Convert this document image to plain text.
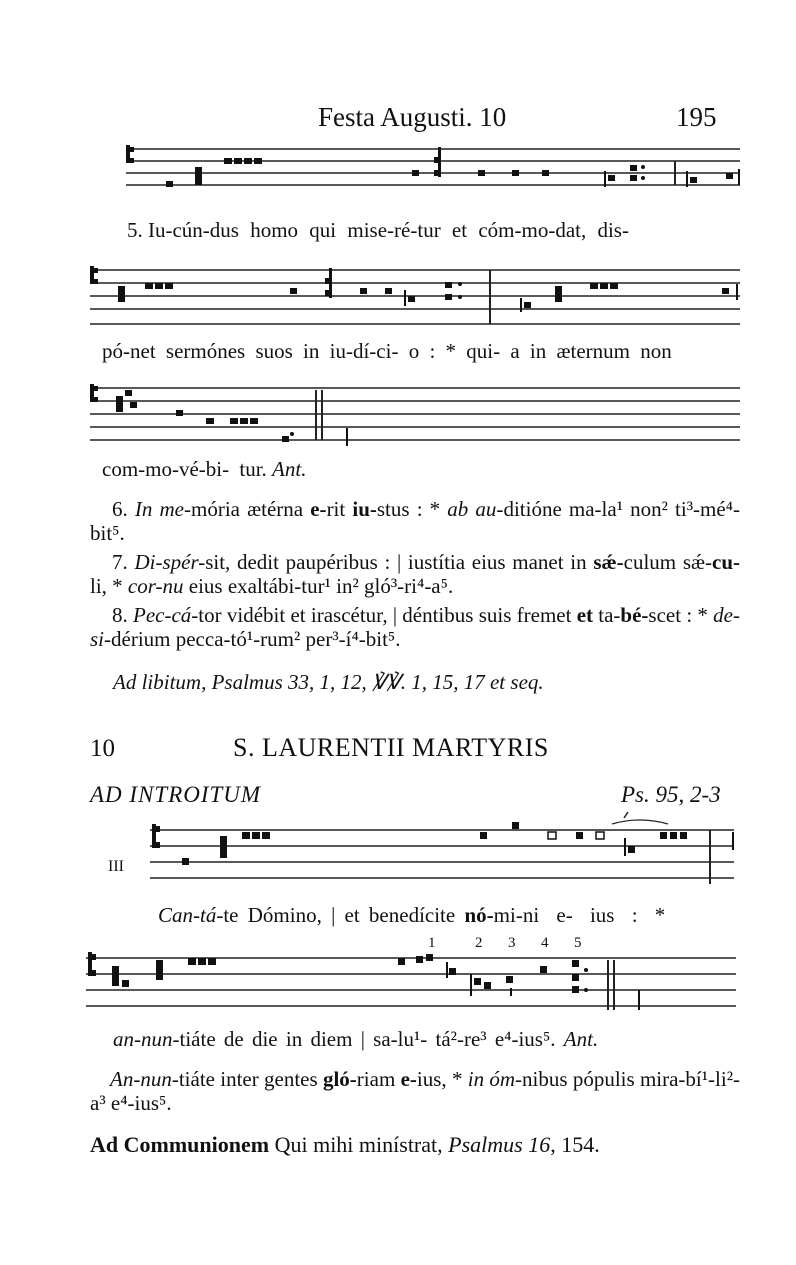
Festa Augusti. 10	195
5. Iu-cún-dus homo qui mise-ré-tur et cóm-mo-dat, dis-
pó-net sermónes suos in iu-dí-ci- o : * qui- a in æternum non
com-mo-vé-bi- tur. Ant.

6. In me-mória ætérna e-rit iu-stus : * ab au-ditióne ma-la¹ non² ti³-mé⁴-bit⁵.

7. Di-spér-sit, dedit paupéribus : | iustítia eius manet in sǽ-culum sǽ-cu-li, * cor-nu eius exaltábi-tur¹ in² gló³-ri⁴-a⁵.

8. Pec-cá-tor vidébit et irascétur, | déntibus suis fremet et ta-bé-scet : * de-si-dérium pecca-tó¹-rum² per³-í⁴-bit⁵.

Ad libitum, Psalmus 33, 1, 12, ℣℣. 1, 15, 17 et seq.
10	S. LAURENTII MARTYRIS
AD INTROITUM	Ps. 95, 2-3
III
Can-tá-te Dómino, | et benedícite nó-mi-ni e- ius : *
1	2 3 4 5
an-nun-tiáte de die in diem | sa-lu¹- tá²-re³ e⁴-ius⁵. Ant.

An-nun-tiáte inter gentes gló-riam e-ius, * in óm-nibus pópulis mira-bí¹-li²-a³ e⁴-ius⁵.

Ad Communionem Qui mihi minístrat, Psalmus 16, 154.
